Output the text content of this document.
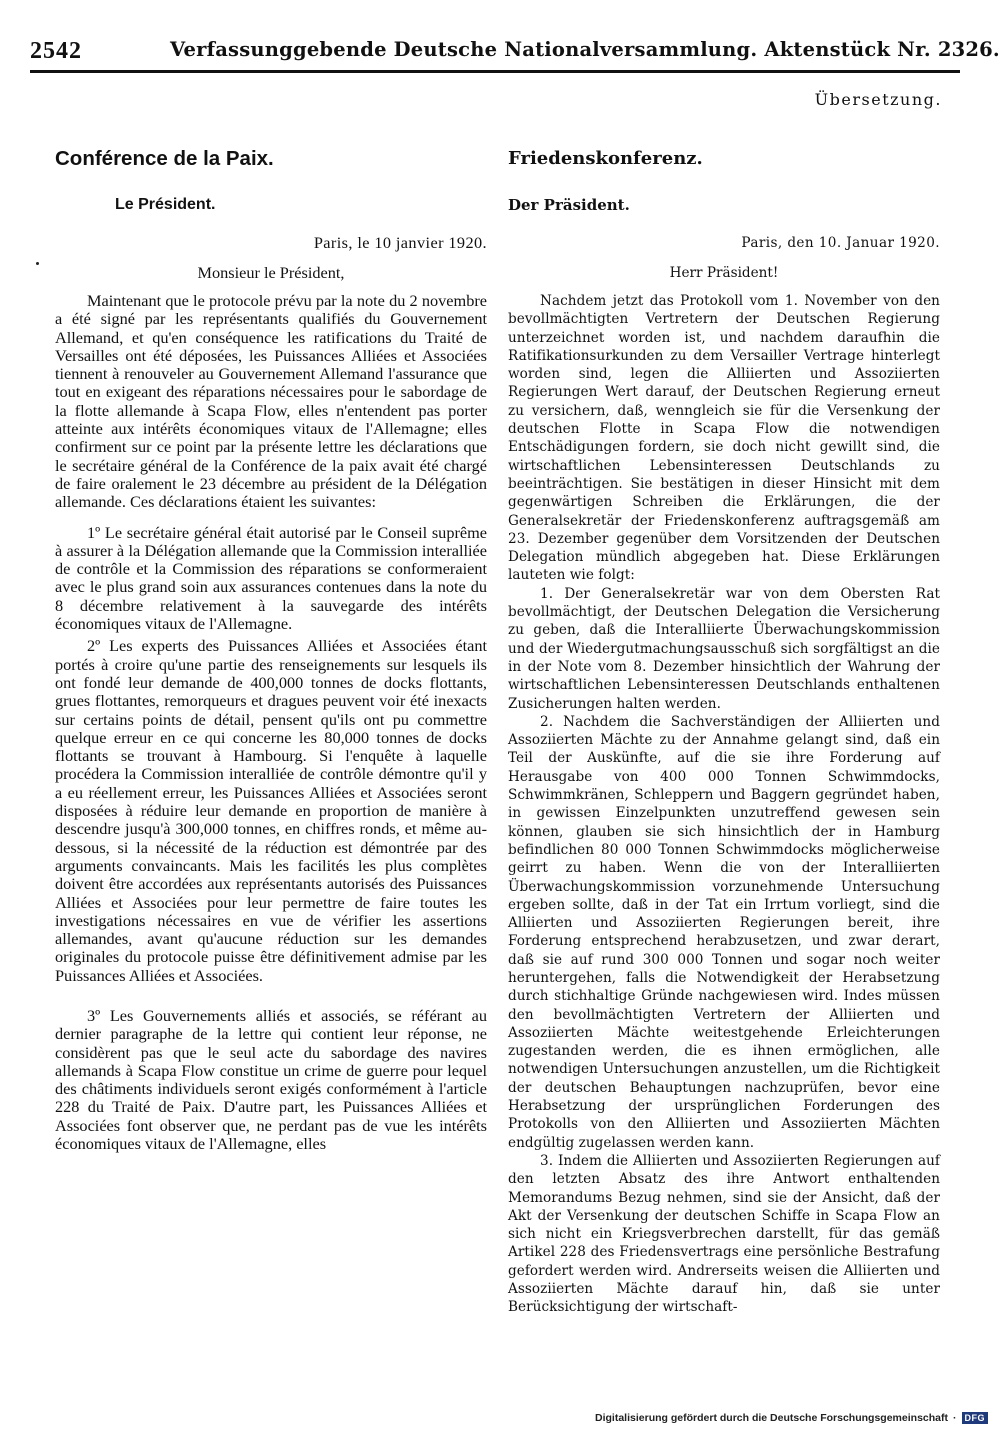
2542	Verfassunggebende Deutsche Nationalversammlung. Aktenstück Nr. 2326.
Übersetzung.
Conférence de la Paix.
Le Président.
Paris, le 10 janvier 1920.
Monsieur le Président,

Maintenant que le protocole prévu par la note du 2 novembre a été signé par les représentants qualifiés du Gouvernement Allemand, et qu'en conséquence les ratifications du Traité de Versailles ont été déposées, les Puissances Alliées et Associées tiennent à renouveler au Gouvernement Allemand l'assurance que tout en exigeant des réparations nécessaires pour le sabordage de la flotte allemande à Scapa Flow, elles n'entendent pas porter atteinte aux intérêts économiques vitaux de l'Allemagne; elles confirment sur ce point par la présente lettre les déclarations que le secrétaire général de la Conférence de la paix avait été chargé de faire oralement le 23 décembre au président de la Délégation allemande. Ces déclarations étaient les suivantes:

1º Le secrétaire général était autorisé par le Conseil suprême à assurer à la Délégation allemande que la Commission interalliée de contrôle et la Commission des réparations se conformeraient avec le plus grand soin aux assurances contenues dans la note du 8 décembre relativement à la sauvegarde des intérêts économiques vitaux de l'Allemagne.

2º Les experts des Puissances Alliées et Associées étant portés à croire qu'une partie des renseignements sur lesquels ils ont fondé leur demande de 400,000 tonnes de docks flottants, grues flottantes, remorqueurs et dragues peuvent voir été inexacts sur certains points de détail, pensent qu'ils ont pu commettre quelque erreur en ce qui concerne les 80,000 tonnes de docks flottants se trouvant à Hambourg. Si l'enquête à laquelle procédera la Commission interalliée de contrôle démontre qu'il y a eu réellement erreur, les Puissances Alliées et Associées seront disposées à réduire leur demande en proportion de manière à descendre jusqu'à 300,000 tonnes, en chiffres ronds, et même au-dessous, si la nécessité de la réduction est démontrée par des arguments convaincants. Mais les facilités les plus complètes doivent être accordées aux représentants autorisés des Puissances Alliées et Associées pour leur permettre de faire toutes les investigations nécessaires en vue de vérifier les assertions allemandes, avant qu'aucune réduction sur les demandes originales du protocole puisse être définitivement admise par les Puissances Alliées et Associées.

3º Les Gouvernements alliés et associés, se référant au dernier paragraphe de la lettre qui contient leur réponse, ne considèrent pas que le seul acte du sabordage des navires allemands à Scapa Flow constitue un crime de guerre pour lequel des châtiments individuels seront exigés conformément à l'article 228 du Traité de Paix. D'autre part, les Puissances Alliées et Associées font observer que, ne perdant pas de vue les intérêts économiques vitaux de l'Allemagne, elles

Friedenskonferenz.
Der Präsident.
Paris, den 10. Januar 1920.
Herr Präsident!

Nachdem jetzt das Protokoll vom 1. November von den bevollmächtigten Vertretern der Deutschen Regierung unterzeichnet worden ist, und nachdem daraufhin die Ratifikationsurkunden zu dem Versailler Vertrage hinterlegt worden sind, legen die Alliierten und Assoziierten Regierungen Wert darauf, der Deutschen Regierung erneut zu versichern, daß, wenngleich sie für die Versenkung der deutschen Flotte in Scapa Flow die notwendigen Entschädigungen fordern, sie doch nicht gewillt sind, die wirtschaftlichen Lebensinteressen Deutschlands zu beeinträchtigen. Sie bestätigen in dieser Hinsicht mit dem gegenwärtigen Schreiben die Erklärungen, die der Generalsekretär der Friedenskonferenz auftragsgemäß am 23. Dezember gegenüber dem Vorsitzenden der Deutschen Delegation mündlich abgegeben hat. Diese Erklärungen lauteten wie folgt:

1. Der Generalsekretär war von dem Obersten Rat bevollmächtigt, der Deutschen Delegation die Versicherung zu geben, daß die Interalliierte Überwachungskommission und der Wiedergutmachungsausschuß sich sorgfältigst an die in der Note vom 8. Dezember hinsichtlich der Wahrung der wirtschaftlichen Lebensinteressen Deutschlands enthaltenen Zusicherungen halten werden.

2. Nachdem die Sachverständigen der Alliierten und Assoziierten Mächte zu der Annahme gelangt sind, daß ein Teil der Auskünfte, auf die sie ihre Forderung auf Herausgabe von 400 000 Tonnen Schwimmdocks, Schwimmkränen, Schleppern und Baggern gegründet haben, in gewissen Einzelpunkten unzutreffend gewesen sein können, glauben sie sich hinsichtlich der in Hamburg befindlichen 80 000 Tonnen Schwimmdocks möglicherweise geirrt zu haben. Wenn die von der Interalliierten Überwachungskommission vorzunehmende Untersuchung ergeben sollte, daß in der Tat ein Irrtum vorliegt, sind die Alliierten und Assoziierten Regierungen bereit, ihre Forderung entsprechend herabzusetzen, und zwar derart, daß sie auf rund 300 000 Tonnen und sogar noch weiter heruntergehen, falls die Notwendigkeit der Herabsetzung durch stichhaltige Gründe nachgewiesen wird. Indes müssen den bevollmächtigten Vertretern der Alliierten und Assoziierten Mächte weitestgehende Erleichterungen zugestanden werden, die es ihnen ermöglichen, alle notwendigen Untersuchungen anzustellen, um die Richtigkeit der deutschen Behauptungen nachzuprüfen, bevor eine Herabsetzung der ursprünglichen Forderungen des Protokolls von den Alliierten und Assoziierten Mächten endgültig zugelassen werden kann.

3. Indem die Alliierten und Assoziierten Regierungen auf den letzten Absatz des ihre Antwort enthaltenden Memorandums Bezug nehmen, sind sie der Ansicht, daß der Akt der Versenkung der deutschen Schiffe in Scapa Flow an sich nicht ein Kriegsverbrechen darstellt, für das gemäß Artikel 228 des Friedensvertrags eine persönliche Bestrafung gefordert werden wird. Andrerseits weisen die Alliierten und Assoziierten Mächte darauf hin, daß sie unter Berücksichtigung der wirtschaft-

Digitalisierung gefördert durch die Deutsche Forschungsgemeinschaft · DFG
